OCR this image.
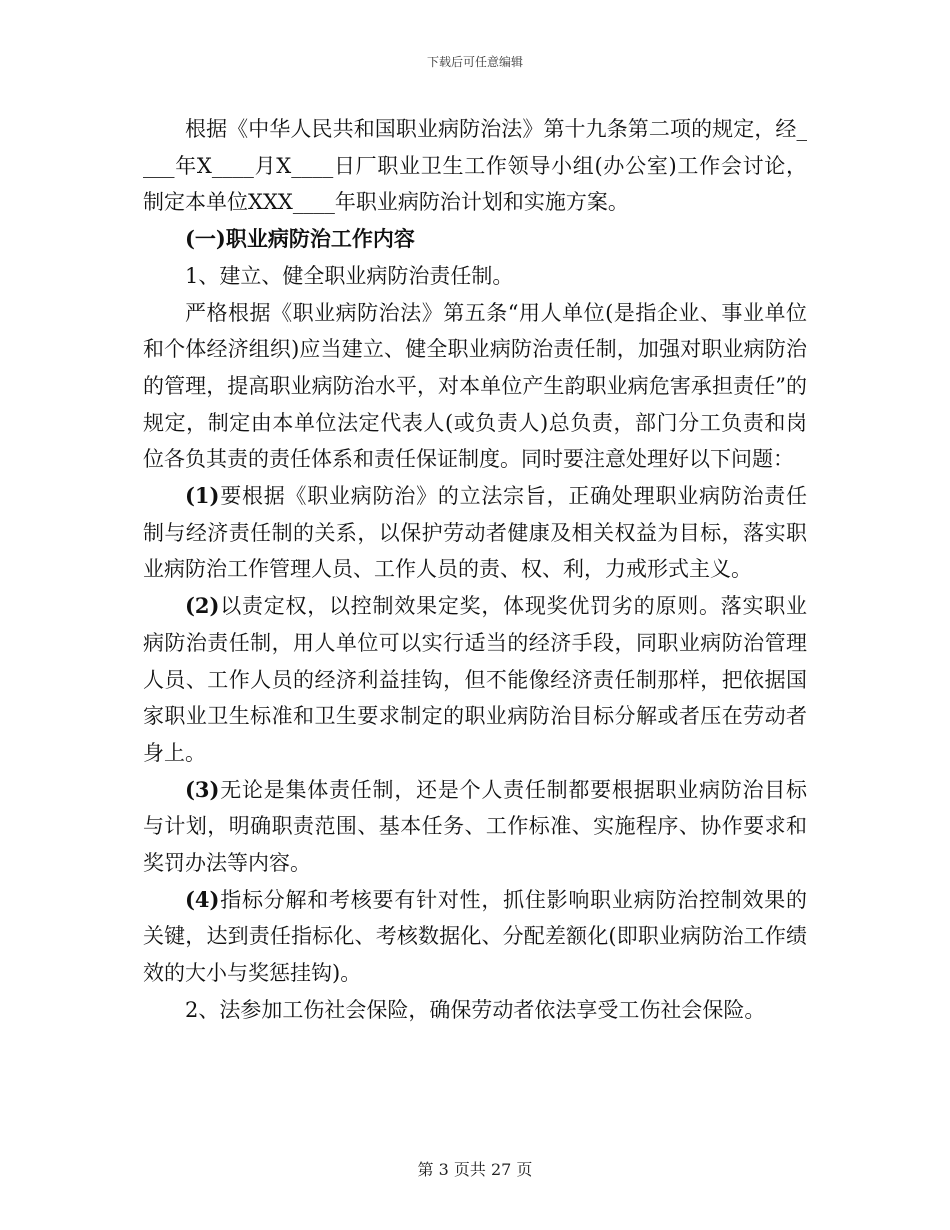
下载后可任意编辑

根据《中华人民共和国职业病防治法》第十九条第二项的规定，经____年X____月X____日厂职业卫生工作领导小组(办公室)工作会讨论，制定本单位XXX____年职业病防治计划和实施方案。

(一)职业病防治工作内容

1、建立、健全职业病防治责任制。

严格根据《职业病防治法》第五条“用人单位(是指企业、事业单位和个体经济组织)应当建立、健全职业病防治责任制，加强对职业病防治的管理，提高职业病防治水平，对本单位产生韵职业病危害承担责任”的规定，制定由本单位法定代表人(或负责人)总负责，部门分工负责和岗位各负其责的责任体系和责任保证制度。同时要注意处理好以下问题：

(1)要根据《职业病防治》的立法宗旨，正确处理职业病防治责任制与经济责任制的关系，以保护劳动者健康及相关权益为目标，落实职业病防治工作管理人员、工作人员的责、权、利，力戒形式主义。

(2)以责定权，以控制效果定奖，体现奖优罚劣的原则。落实职业病防治责任制，用人单位可以实行适当的经济手段，同职业病防治管理人员、工作人员的经济利益挂钩，但不能像经济责任制那样，把依据国家职业卫生标准和卫生要求制定的职业病防治目标分解或者压在劳动者身上。

(3)无论是集体责任制，还是个人责任制都要根据职业病防治目标与计划，明确职责范围、基本任务、工作标准、实施程序、协作要求和奖罚办法等内容。

(4)指标分解和考核要有针对性，抓住影响职业病防治控制效果的关键，达到责任指标化、考核数据化、分配差额化(即职业病防治工作绩效的大小与奖惩挂钩)。

2、法参加工伤社会保险，确保劳动者依法享受工伤社会保险。

第 3 页共 27 页
